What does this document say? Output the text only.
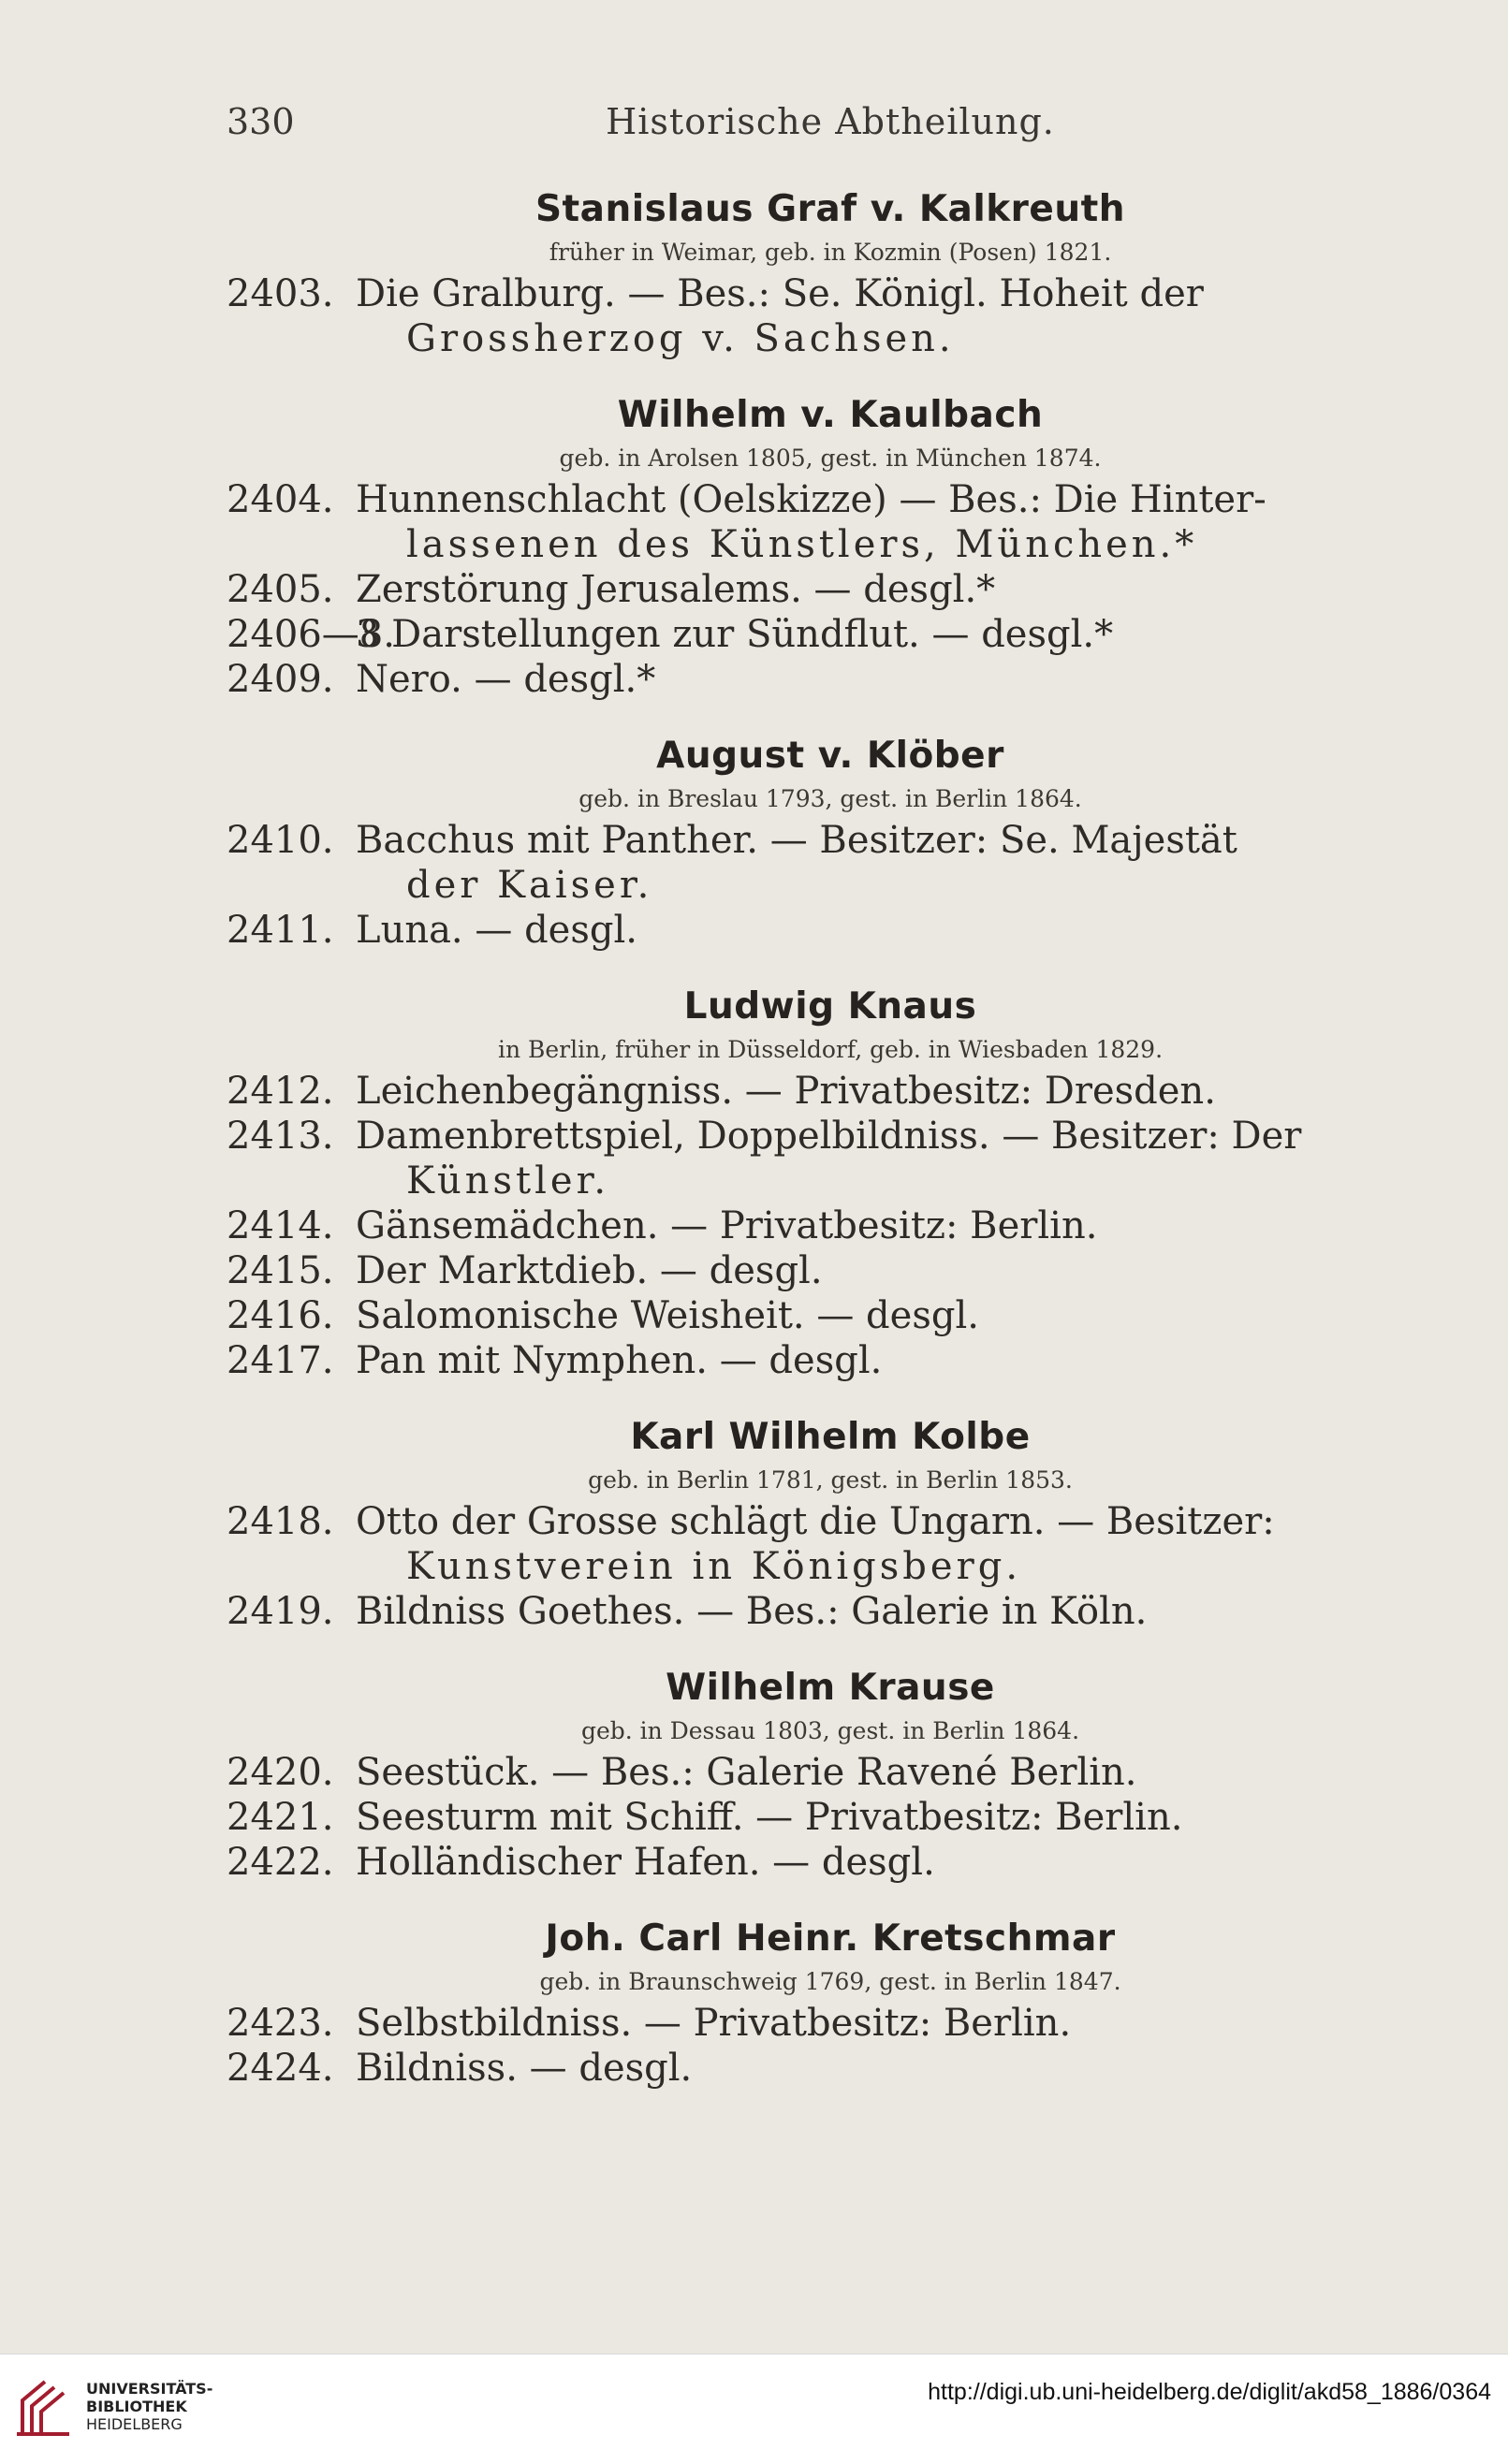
330	Historische Abtheilung.
Stanislaus Graf v. Kalkreuth
früher in Weimar, geb. in Kozmin (Posen) 1821.
2403. Die Gralburg. — Bes.: Se. Königl. Hoheit der
Grossherzog v. Sachsen.
Wilhelm v. Kaulbach
geb. in Arolsen 1805, gest. in München 1874.
2404. Hunnenschlacht (Oelskizze) — Bes.: Die Hinter-
lassenen des Künstlers, München.*
2405. Zerstörung Jerusalems. — desgl.*
2406—8.
3 Darstellungen zur Sündflut. — desgl.*
2409. Nero. — desgl.*
August v. Klöber
geb. in Breslau 1793, gest. in Berlin 1864.
2410. Bacchus mit Panther. — Besitzer: Se. Majestät
der Kaiser.
2411. Luna. — desgl.
Ludwig Knaus
in Berlin, früher in Düsseldorf, geb. in Wiesbaden 1829.
2412. Leichenbegängniss. — Privatbesitz: Dresden.
2413. Damenbrettspiel, Doppelbildniss. — Besitzer: Der
Künstler.
2414. Gänsemädchen. — Privatbesitz: Berlin.
2415. Der Marktdieb. — desgl.
2416. Salomonische Weisheit. — desgl.
2417. Pan mit Nymphen. — desgl.
Karl Wilhelm Kolbe
geb. in Berlin 1781, gest. in Berlin 1853.
2418. Otto der Grosse schlägt die Ungarn. — Besitzer:
Kunstverein in Königsberg.
2419. Bildniss Goethes. — Bes.: Galerie in Köln.
Wilhelm Krause
geb. in Dessau 1803, gest. in Berlin 1864.
2420. Seestück. — Bes.: Galerie Ravené Berlin.
2421. Seesturm mit Schiff. — Privatbesitz: Berlin.
2422. Holländischer Hafen. — desgl.
Joh. Carl Heinr. Kretschmar
geb. in Braunschweig 1769, gest. in Berlin 1847.
2423. Selbstbildniss. — Privatbesitz: Berlin.
2424. Bildniss. — desgl.
UNIVERSITÄTS-
BIBLIOTHEK
HEIDELBERG
http://digi.ub.uni-heidelberg.de/diglit/akd58_1886/0364
